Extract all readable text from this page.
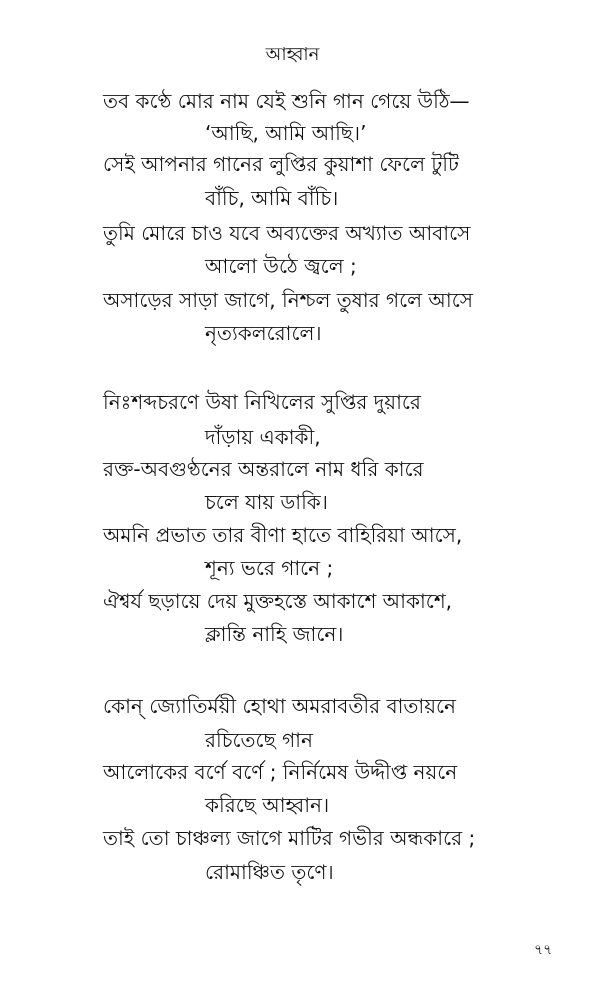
আহ্বান
তব কণ্ঠে মোর নাম যেই শুনি গান গেয়ে উঠি—
‘আছি, আমি আছি।’
সেই আপনার গানের লুপ্তির কুয়াশা ফেলে টুটি
বাঁচি, আমি বাঁচি।
তুমি মোরে চাও যবে অব্যক্তের অখ্যাত আবাসে
আলো উঠে জ্বলে ;
অসাড়ের সাড়া জাগে, নিশ্চল তুষার গলে আসে
নৃত্যকলরোলে।
নিঃশব্দচরণে উষা নিখিলের সুপ্তির দুয়ারে
দাঁড়ায় একাকী,
রক্ত-অবগুণ্ঠনের অন্তরালে নাম ধরি কারে
চলে যায় ডাকি।
অমনি প্রভাত তার বীণা হাতে বাহিরিয়া আসে,
শূন্য ভরে গানে ;
ঐশ্বর্য ছড়ায়ে দেয় মুক্তহস্তে আকাশে আকাশে,
ক্লান্তি নাহি জানে।
কোন্ জ্যোতির্ময়ী হোথা অমরাবতীর বাতায়নে
রচিতেছে গান
আলোকের বর্ণে বর্ণে ; নির্নিমেষ উদ্দীপ্ত নয়নে
করিছে আহ্বান।
তাই তো চাঞ্চল্য জাগে মাটির গভীর অন্ধকারে ;
রোমাঞ্চিত তৃণে।
৭৭
